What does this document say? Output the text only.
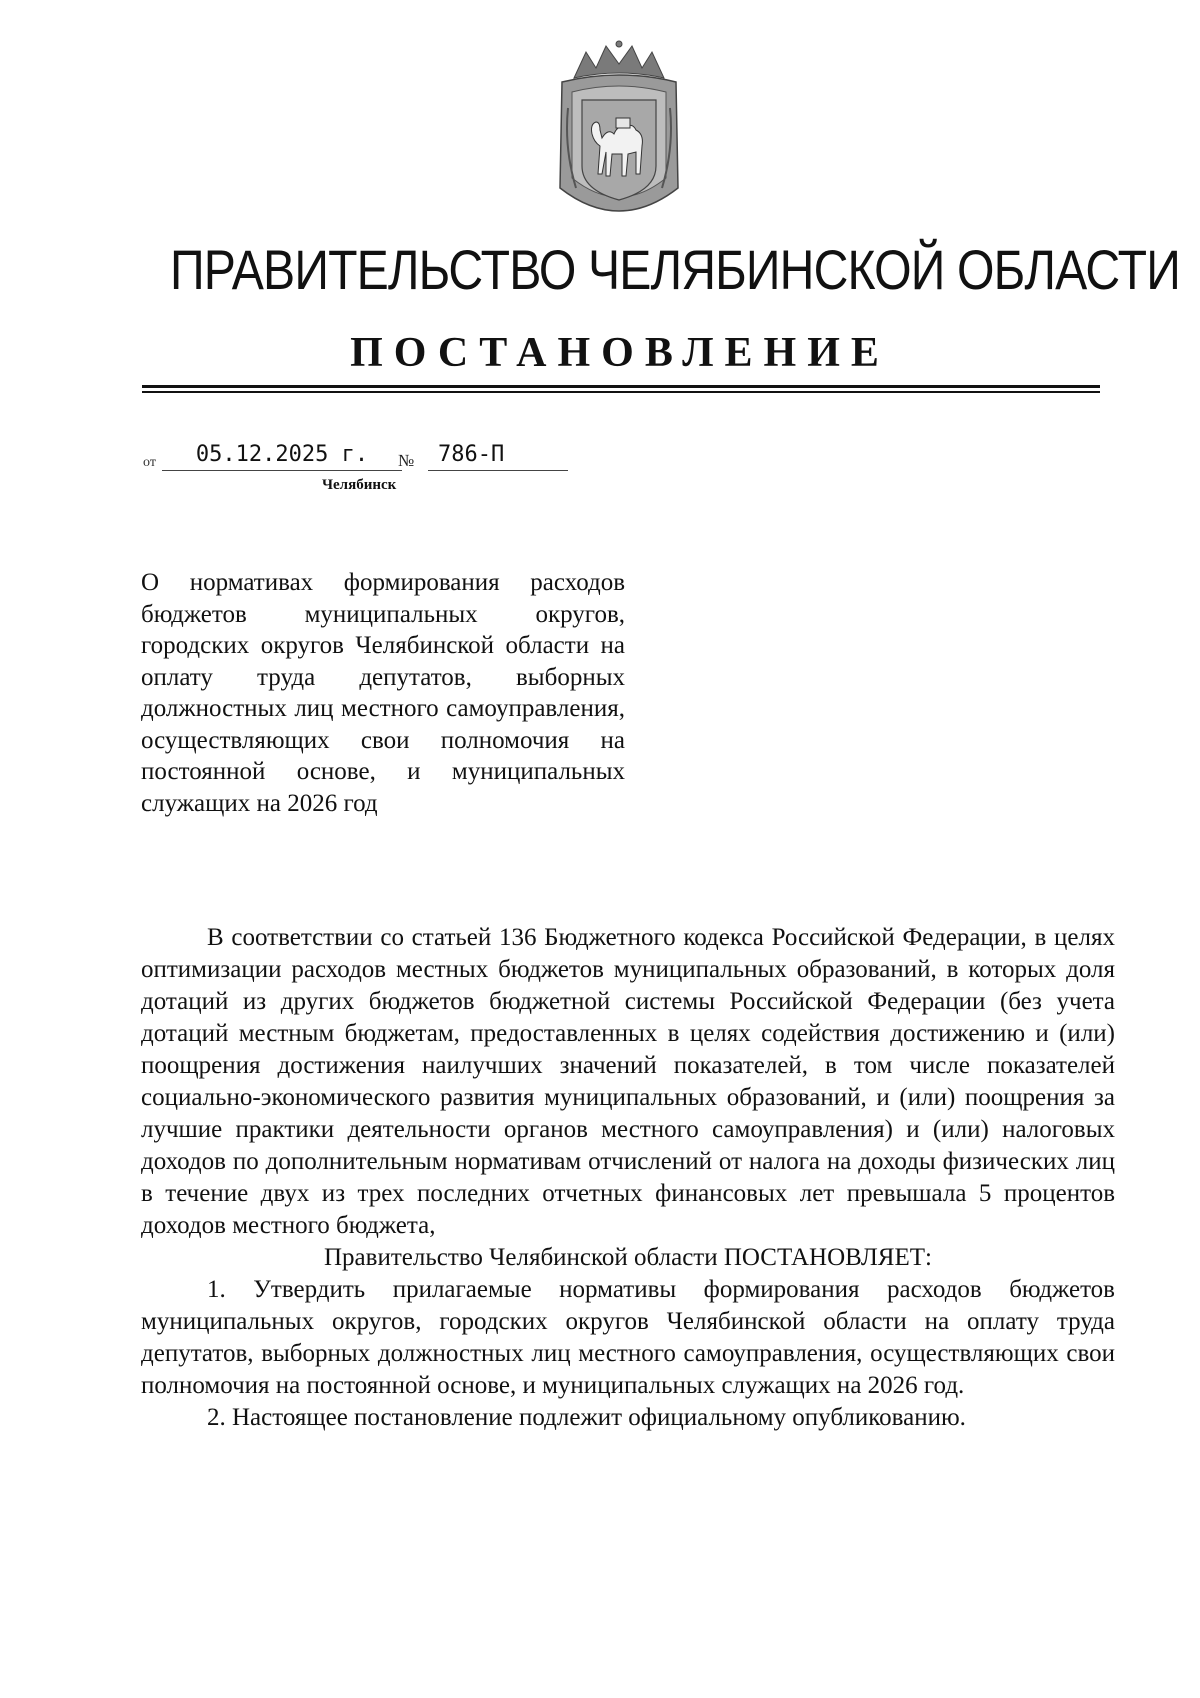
ПРАВИТЕЛЬСТВО ЧЕЛЯБИНСКОЙ ОБЛАСТИ
ПОСТАНОВЛЕНИЕ
от	05.12.2025 г.	№	786-П
Челябинск
О нормативах формирования расходов бюджетов муниципальных округов, городских округов Челябинской области на оплату труда депутатов, выборных должностных лиц местного самоуправления, осуществляющих свои полномочия на постоянной основе, и муниципальных служащих на 2026 год

В соответствии со статьей 136 Бюджетного кодекса Российской Федерации, в целях оптимизации расходов местных бюджетов муниципальных образований, в которых доля дотаций из других бюджетов бюджетной системы Российской Федерации (без учета дотаций местным бюджетам, предоставленных в целях содействия достижению и (или) поощрения достижения наилучших значений показателей, в том числе показателей социально-экономического развития муниципальных образований, и (или) поощрения за лучшие практики деятельности органов местного самоуправления) и (или) налоговых доходов по дополнительным нормативам отчислений от налога на доходы физических лиц в течение двух из трех последних отчетных финансовых лет превышала 5 процентов доходов местного бюджета,

Правительство Челябинской области ПОСТАНОВЛЯЕТ:

1. Утвердить прилагаемые нормативы формирования расходов бюджетов муниципальных округов, городских округов Челябинской области на оплату труда депутатов, выборных должностных лиц местного самоуправления, осуществляющих свои полномочия на постоянной основе, и муниципальных служащих на 2026 год.

2. Настоящее постановление подлежит официальному опубликованию.
